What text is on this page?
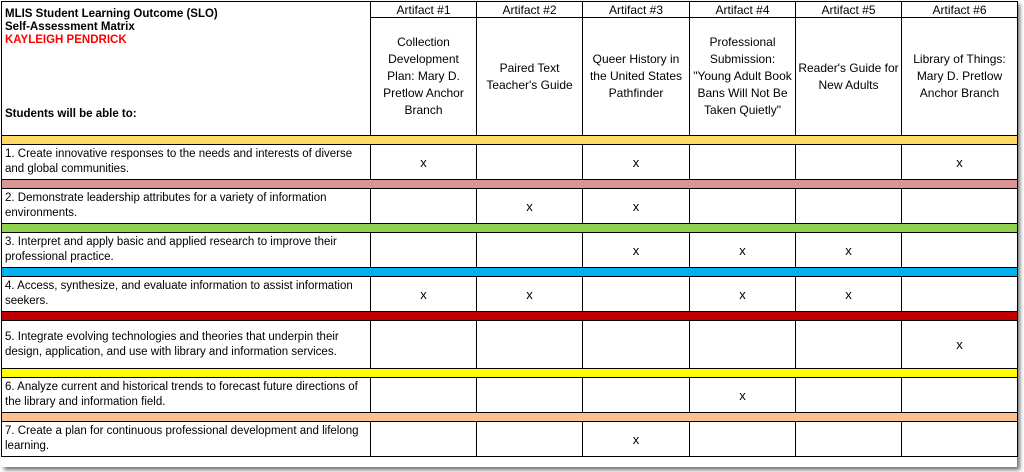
MLIS Student Learning Outcome (SLO)
Self-Assessment Matrix
KAYLEIGH PENDRICK
Students will be able to:	Artifact #1	Artifact #2	Artifact #3	Artifact #4	Artifact #5	Artifact #6
	Collection Development Plan: Mary D. Pretlow Anchor Branch	Paired Text Teacher's Guide	Queer History in the United States Pathfinder	Professional Submission: "Young Adult Book Bans Will Not Be Taken Quietly"	Reader's Guide for New Adults	Library of Things: Mary D. Pretlow Anchor Branch

1. Create innovative responses to the needs and interests of diverse and global communities.	x		x			x

2. Demonstrate leadership attributes for a variety of information environments.		x	x			

3. Interpret and apply basic and applied research to improve their professional practice.			x	x	x	

4. Access, synthesize, and evaluate information to assist information seekers.	x	x		x	x	

5. Integrate evolving technologies and theories that underpin their design, application, and use with library and information services.						x

6. Analyze current and historical trends to forecast future directions of the library and information field.				x		

7. Create a plan for continuous professional development and lifelong learning.			x			
